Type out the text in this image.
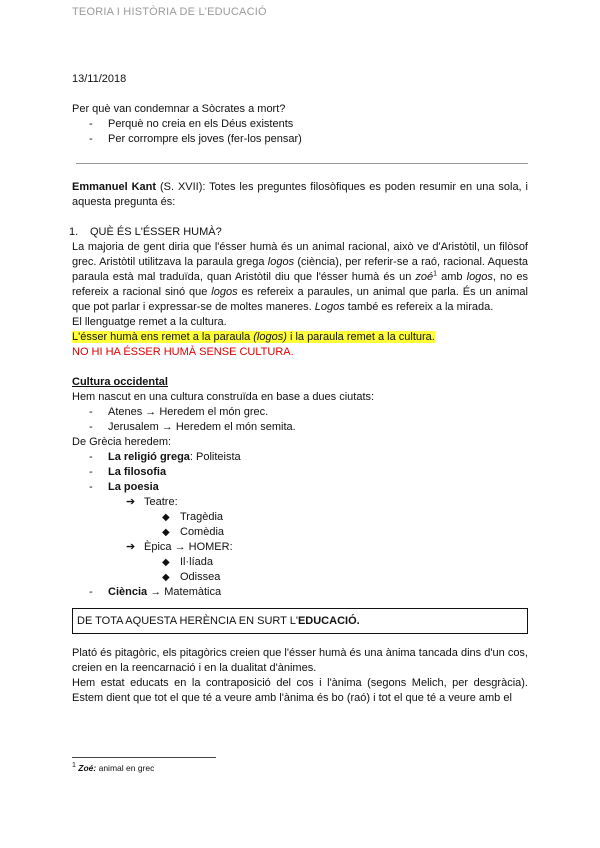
TEORIA I HISTÒRIA DE L'EDUCACIÓ

13/11/2018

Per què van condemnar a Sòcrates a mort?

- Perquè no creia en els Déus existents
- Per corrompre els joves (fer-los pensar)

Emmanuel Kant (S. XVII): Totes les preguntes filosòfiques es poden resumir en una sola, i aquesta pregunta és:

1. QUÈ ÉS L'ÉSSER HUMÀ?

La majoria de gent diria que l'ésser humà és un animal racional, això ve d'Aristòtil, un filòsof grec. Aristòtil utilitzava la paraula grega logos (ciència), per referir-se a raó, racional. Aquesta paraula està mal traduïda, quan Aristòtil diu que l'ésser humà és un zoé$^1$ amb logos, no es refereix a racional sinó que logos es refereix a paraules, un animal que parla. És un animal que pot parlar i expressar-se de moltes maneres. Logos també es refereix a la mirada.

El llenguatge remet a la cultura.

L'ésser humà ens remet a la paraula (logos) i la paraula remet a la cultura.

NO HI HA ÉSSER HUMÀ SENSE CULTURA.

Cultura occidental

Hem nascut en una cultura construïda en base a dues ciutats:

- Atenes → Heredem el món grec.
- Jerusalem → Heredem el món semita.

De Grècia heredem:

- La religió grega: Politeista
- La filosofia
- La poesia

➔ Teatre:

◆ Tragèdia

◆ Comèdia

➔ Èpica → HOMER:

◆ Il·líada

◆ Odissea

- Ciència → Matemàtica
DE TOTA AQUESTA HERÈNCIA EN SURT L'EDUCACIÓ.

Plató és pitagòric, els pitagòrics creien que l'ésser humà és una ànima tancada dins d'un cos, creien en la reencarnació i en la dualitat d'ànimes.

Hem estat educats en la contraposició del cos i l'ànima (segons Melich, per desgràcia). Estem dient que tot el que té a veure amb l'ànima és bo (raó) i tot el que té a veure amb el

$^1$ Zoé: animal en grec
